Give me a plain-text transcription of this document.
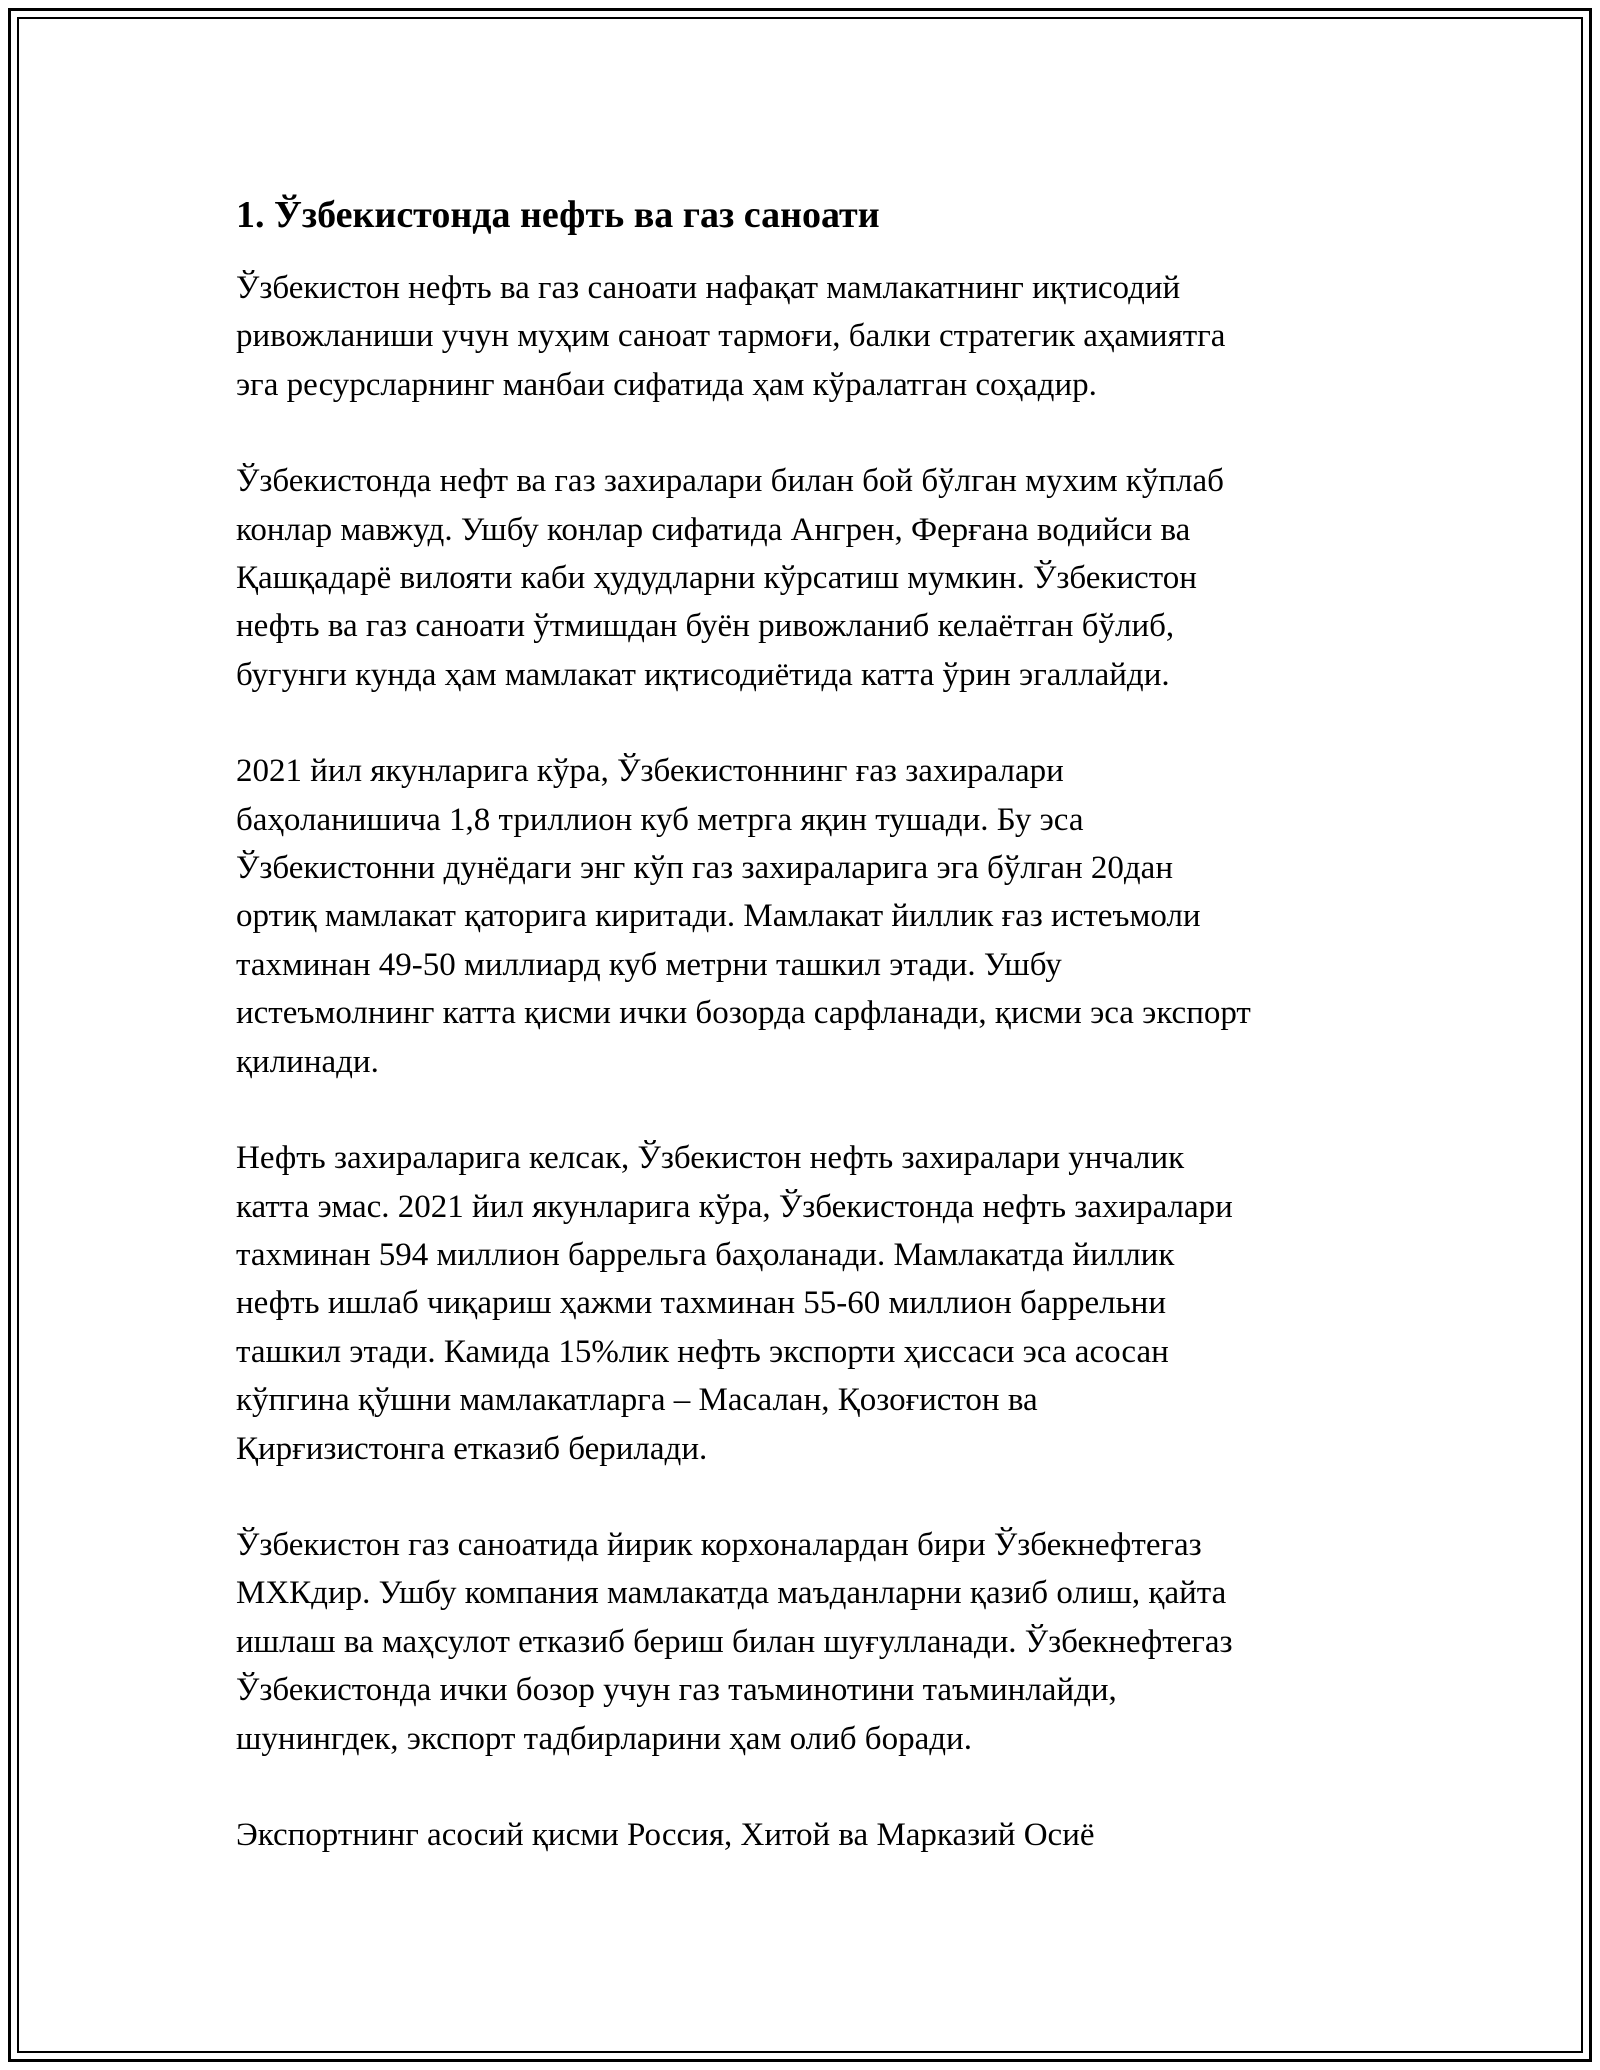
1. Ўзбекистонда нефть ва газ саноати

Ўзбекистон нефть ва газ саноати нафақат мамлакатнинг иқтисодий
ривожланиши учун муҳим саноат тармоғи, балки стратегик аҳамиятга
эга ресурсларнинг манбаи сифатида ҳам кўралатган соҳадир.

Ўзбекистонда нефт ва газ захиралари билан бой бўлган мухим кўплаб
конлар мавжуд. Ушбу конлар сифатида Ангрен, Ферғана водийси ва
Қашқадарё вилояти каби ҳудудларни кўрсатиш мумкин. Ўзбекистон
нефть ва газ саноати ўтмишдан буён ривожланиб келаётган бўлиб,
бугунги кунда ҳам мамлакат иқтисодиётида катта ўрин эгаллайди.

2021 йил якунларига кўра, Ўзбекистоннинг ғаз захиралари
баҳоланишича 1,8 триллион куб метрга яқин тушади. Бу эса
Ўзбекистонни дунёдаги энг кўп газ захираларига эга бўлган 20дан
ортиқ мамлакат қаторига киритади. Мамлакат йиллик ғаз истеъмоли
тахминан 49-50 миллиард куб метрни ташкил этади. Ушбу
истеъмолнинг катта қисми ички бозорда сарфланади, қисми эса экспорт
қилинади.

Нефть захираларига келсак, Ўзбекистон нефть захиралари унчалик
катта эмас. 2021 йил якунларига кўра, Ўзбекистонда нефть захиралари
тахминан 594 миллион баррельга баҳоланади. Мамлакатда йиллик
нефть ишлаб чиқариш ҳажми тахминан 55-60 миллион баррельни
ташкил этади. Камида 15%лик нефть экспорти ҳиссаси эса асосан
кўпгина қўшни мамлакатларга – Масалан, Қозоғистон ва
Қирғизистонга етказиб берилади.

Ўзбекистон газ саноатида йирик корхоналардан бири Ўзбекнефтегаз
МХКдир. Ушбу компания мамлакатда маъданларни қазиб олиш, қайта
ишлаш ва маҳсулот етказиб бериш билан шуғулланади. Ўзбекнефтегаз
Ўзбекистонда ички бозор учун газ таъминотини таъминлайди,
шунингдек, экспорт тадбирларини ҳам олиб боради.

Экспортнинг асосий қисми Россия, Хитой ва Марказий Осиё
